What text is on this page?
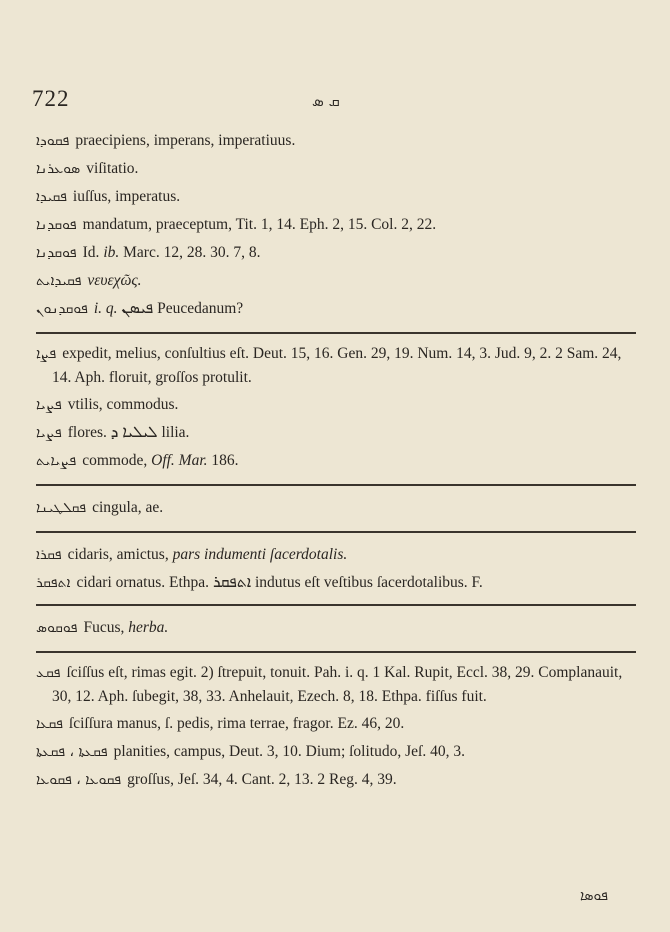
722	ܩ ܣ
ܦܩܘܕܐ praecipiens, imperans, imperatiuus.
ܣܘܥܪܢܐ viſitatio.
ܦܩܝܕܐ iuſſus, imperatus.
ܦܘܩܕܢܐ mandatum, praeceptum, Tit. 1, 14. Eph. 2, 15. Col. 2, 22.
ܦܘܩܕܢܐ Id. ib. Marc. 12, 28. 30. 7, 8.
ܦܩܝܕܐܝܬ νευεχῶς.
ܦܘܩܕܢܘܢ i. q. ܦܝܣܢ Peucedanum?
ܦܨܐ expedit, melius, conſultius eſt. Deut. 15, 16. Gen. 29, 19. Num. 14, 3. Jud. 9, 2. 2 Sam. 24, 14. Aph. floruit, groſſos protulit.
ܦܨܝܐ vtilis, commodus.
ܦܨܝܐ flores. ܠܝܠܝܐ ܕ lilia.
ܦܨܝܐܝܬ commode, Off. Mar. 186.
ܦܩܠܛܝܢܐ cingula, ae.
ܦܩܪܐ cidaris, amictus, pars indumenti ſacerdotalis.
ܐܬܦܩܪ cidari ornatus. Ethpa. ܐܬܦܩܪ indutus eſt veſtibus ſacerdotalibus. F.
ܦܘܩܘܣ Fucus, herba.
ܦܩܥ ſciſſus eſt, rimas egit. 2) ſtrepuit, tonuit. Pah. i. q. 1 Kal. Rupit, Eccl. 38, 29. Complanauit, 30, 12. Aph. ſubegit, 38, 33. Anhelauit, Ezech. 8, 18. Ethpa. fiſſus fuit.
ܦܩܥܐ ſciſſura manus, ſ. pedis, rima terrae, fragor. Ez. 46, 20.
ܦܩܥܬܐ ، ܦܩܥܬܐ planities, campus, Deut. 3, 10. Dium; ſolitudo, Jeſ. 40, 3.
ܦܩܘܥܐ ، ܦܩܘܥܐ groſſus, Jeſ. 34, 4. Cant. 2, 13. 2 Reg. 4, 39.
ܦܘܣܐ
